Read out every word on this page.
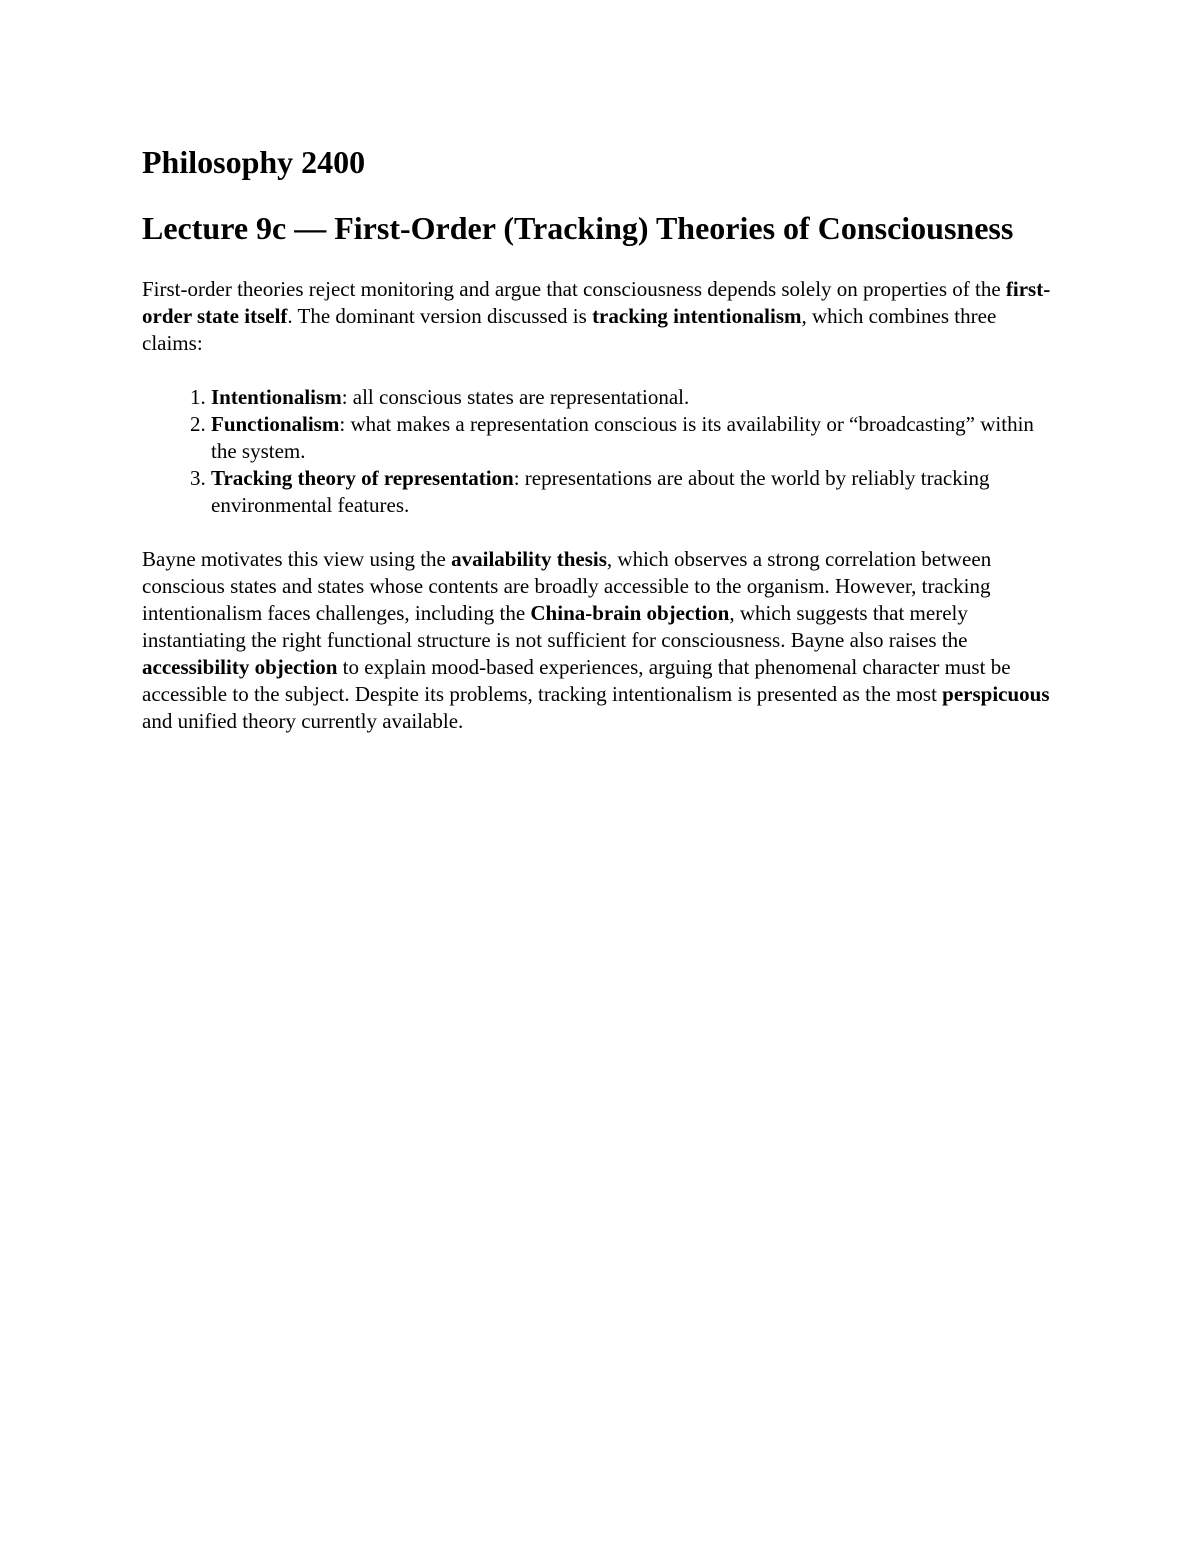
Philosophy 2400
Lecture 9c — First-Order (Tracking) Theories of Consciousness

First-order theories reject monitoring and argue that consciousness depends solely on properties of the first-order state itself. The dominant version discussed is tracking intentionalism, which combines three claims:

1. Intentionalism: all conscious states are representational.
2. Functionalism: what makes a representation conscious is its availability or “broadcasting” within the system.
3. Tracking theory of representation: representations are about the world by reliably tracking environmental features.

Bayne motivates this view using the availability thesis, which observes a strong correlation between conscious states and states whose contents are broadly accessible to the organism. However, tracking intentionalism faces challenges, including the China-brain objection, which suggests that merely instantiating the right functional structure is not sufficient for consciousness. Bayne also raises the accessibility objection to explain mood-based experiences, arguing that phenomenal character must be accessible to the subject. Despite its problems, tracking intentionalism is presented as the most perspicuous and unified theory currently available.
